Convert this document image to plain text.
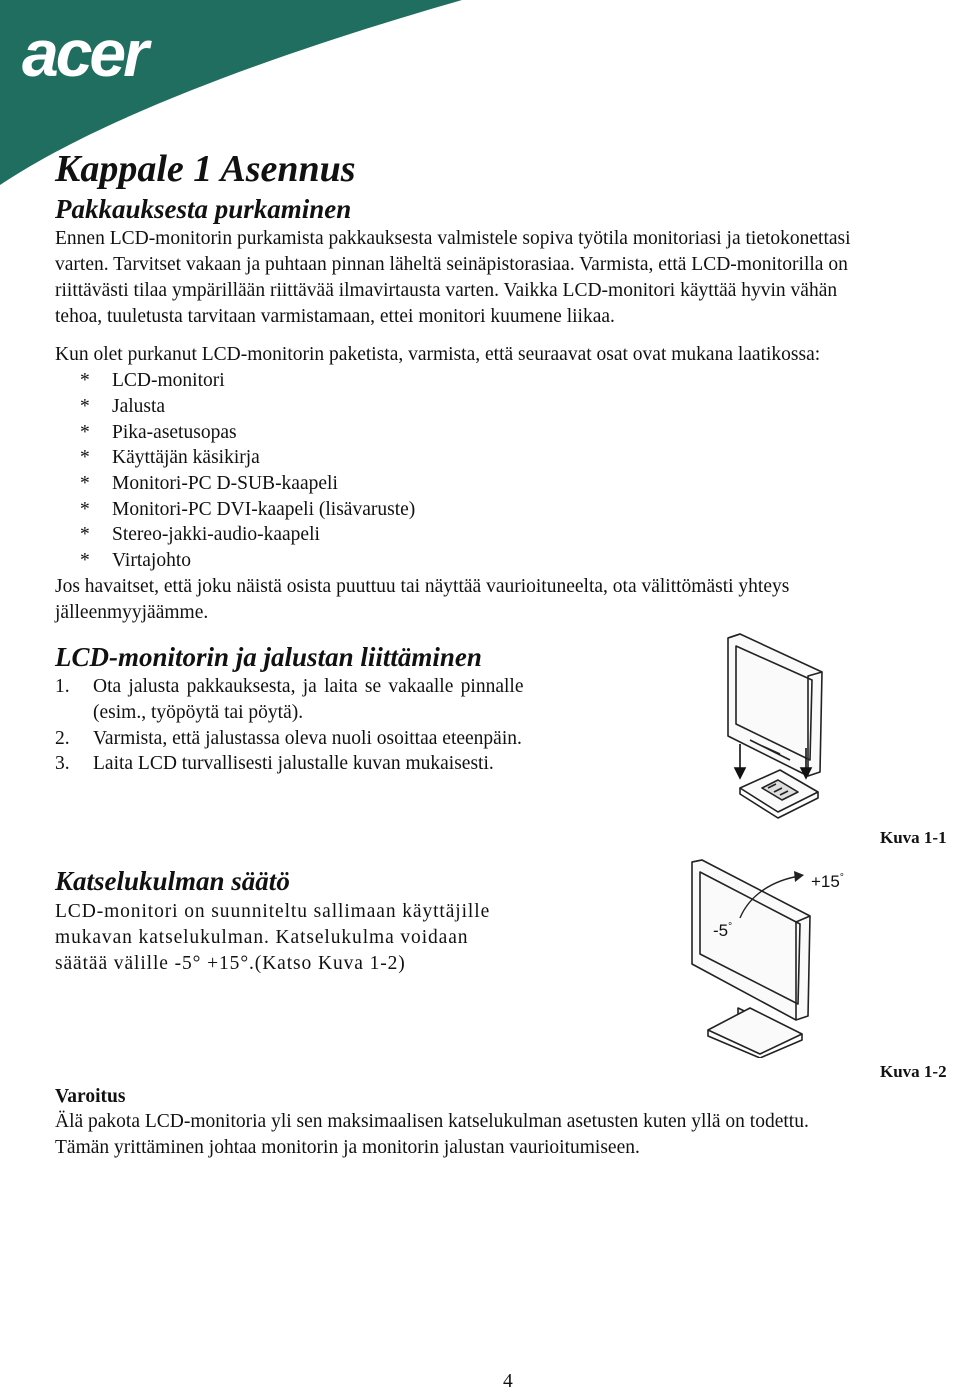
acer
Kappale 1 Asennus
Pakkauksesta purkaminen
Ennen LCD-monitorin purkamista pakkauksesta valmistele sopiva työtila monitoriasi ja tietokonettasi
varten. Tarvitset vakaan ja puhtaan pinnan läheltä seinäpistorasiaa. Varmista, että LCD-monitorilla on
riittävästi tilaa ympärillään riittävää ilmavirtausta varten. Vaikka LCD-monitori käyttää hyvin vähän
tehoa, tuuletusta tarvitaan varmistamaan, ettei monitori kuumene liikaa.
Kun olet purkanut LCD-monitorin paketista, varmista, että seuraavat osat ovat mukana laatikossa:
* LCD-monitori
* Jalusta
* Pika-asetusopas
* Käyttäjän käsikirja
* Monitori-PC D-SUB-kaapeli
* Monitori-PC DVI-kaapeli (lisävaruste)
* Stereo-jakki-audio-kaapeli
* Virtajohto
Jos havaitset, että joku näistä osista puuttuu tai näyttää vaurioituneelta, ota välittömästi yhteys
jälleenmyyjäämme.
LCD-monitorin ja jalustan liittäminen
1. Ota jalusta pakkauksesta, ja laita se vakaalle pinnalle
(esim., työpöytä tai pöytä).
2. Varmista, että jalustassa oleva nuoli osoittaa eteenpäin.
3. Laita LCD turvallisesti jalustalle kuvan mukaisesti.
Kuva 1-1
Katselukulman säätö
LCD-monitori on suunniteltu sallimaan käyttäjille
mukavan katselukulman. Katselukulma voidaan
säätää välille -5° +15°.(Katso Kuva 1-2)
+15°
-5°
Kuva 1-2
Varoitus
Älä pakota LCD-monitoria yli sen maksimaalisen katselukulman asetusten kuten yllä on todettu.
Tämän yrittäminen johtaa monitorin ja monitorin jalustan vaurioitumiseen.
4
